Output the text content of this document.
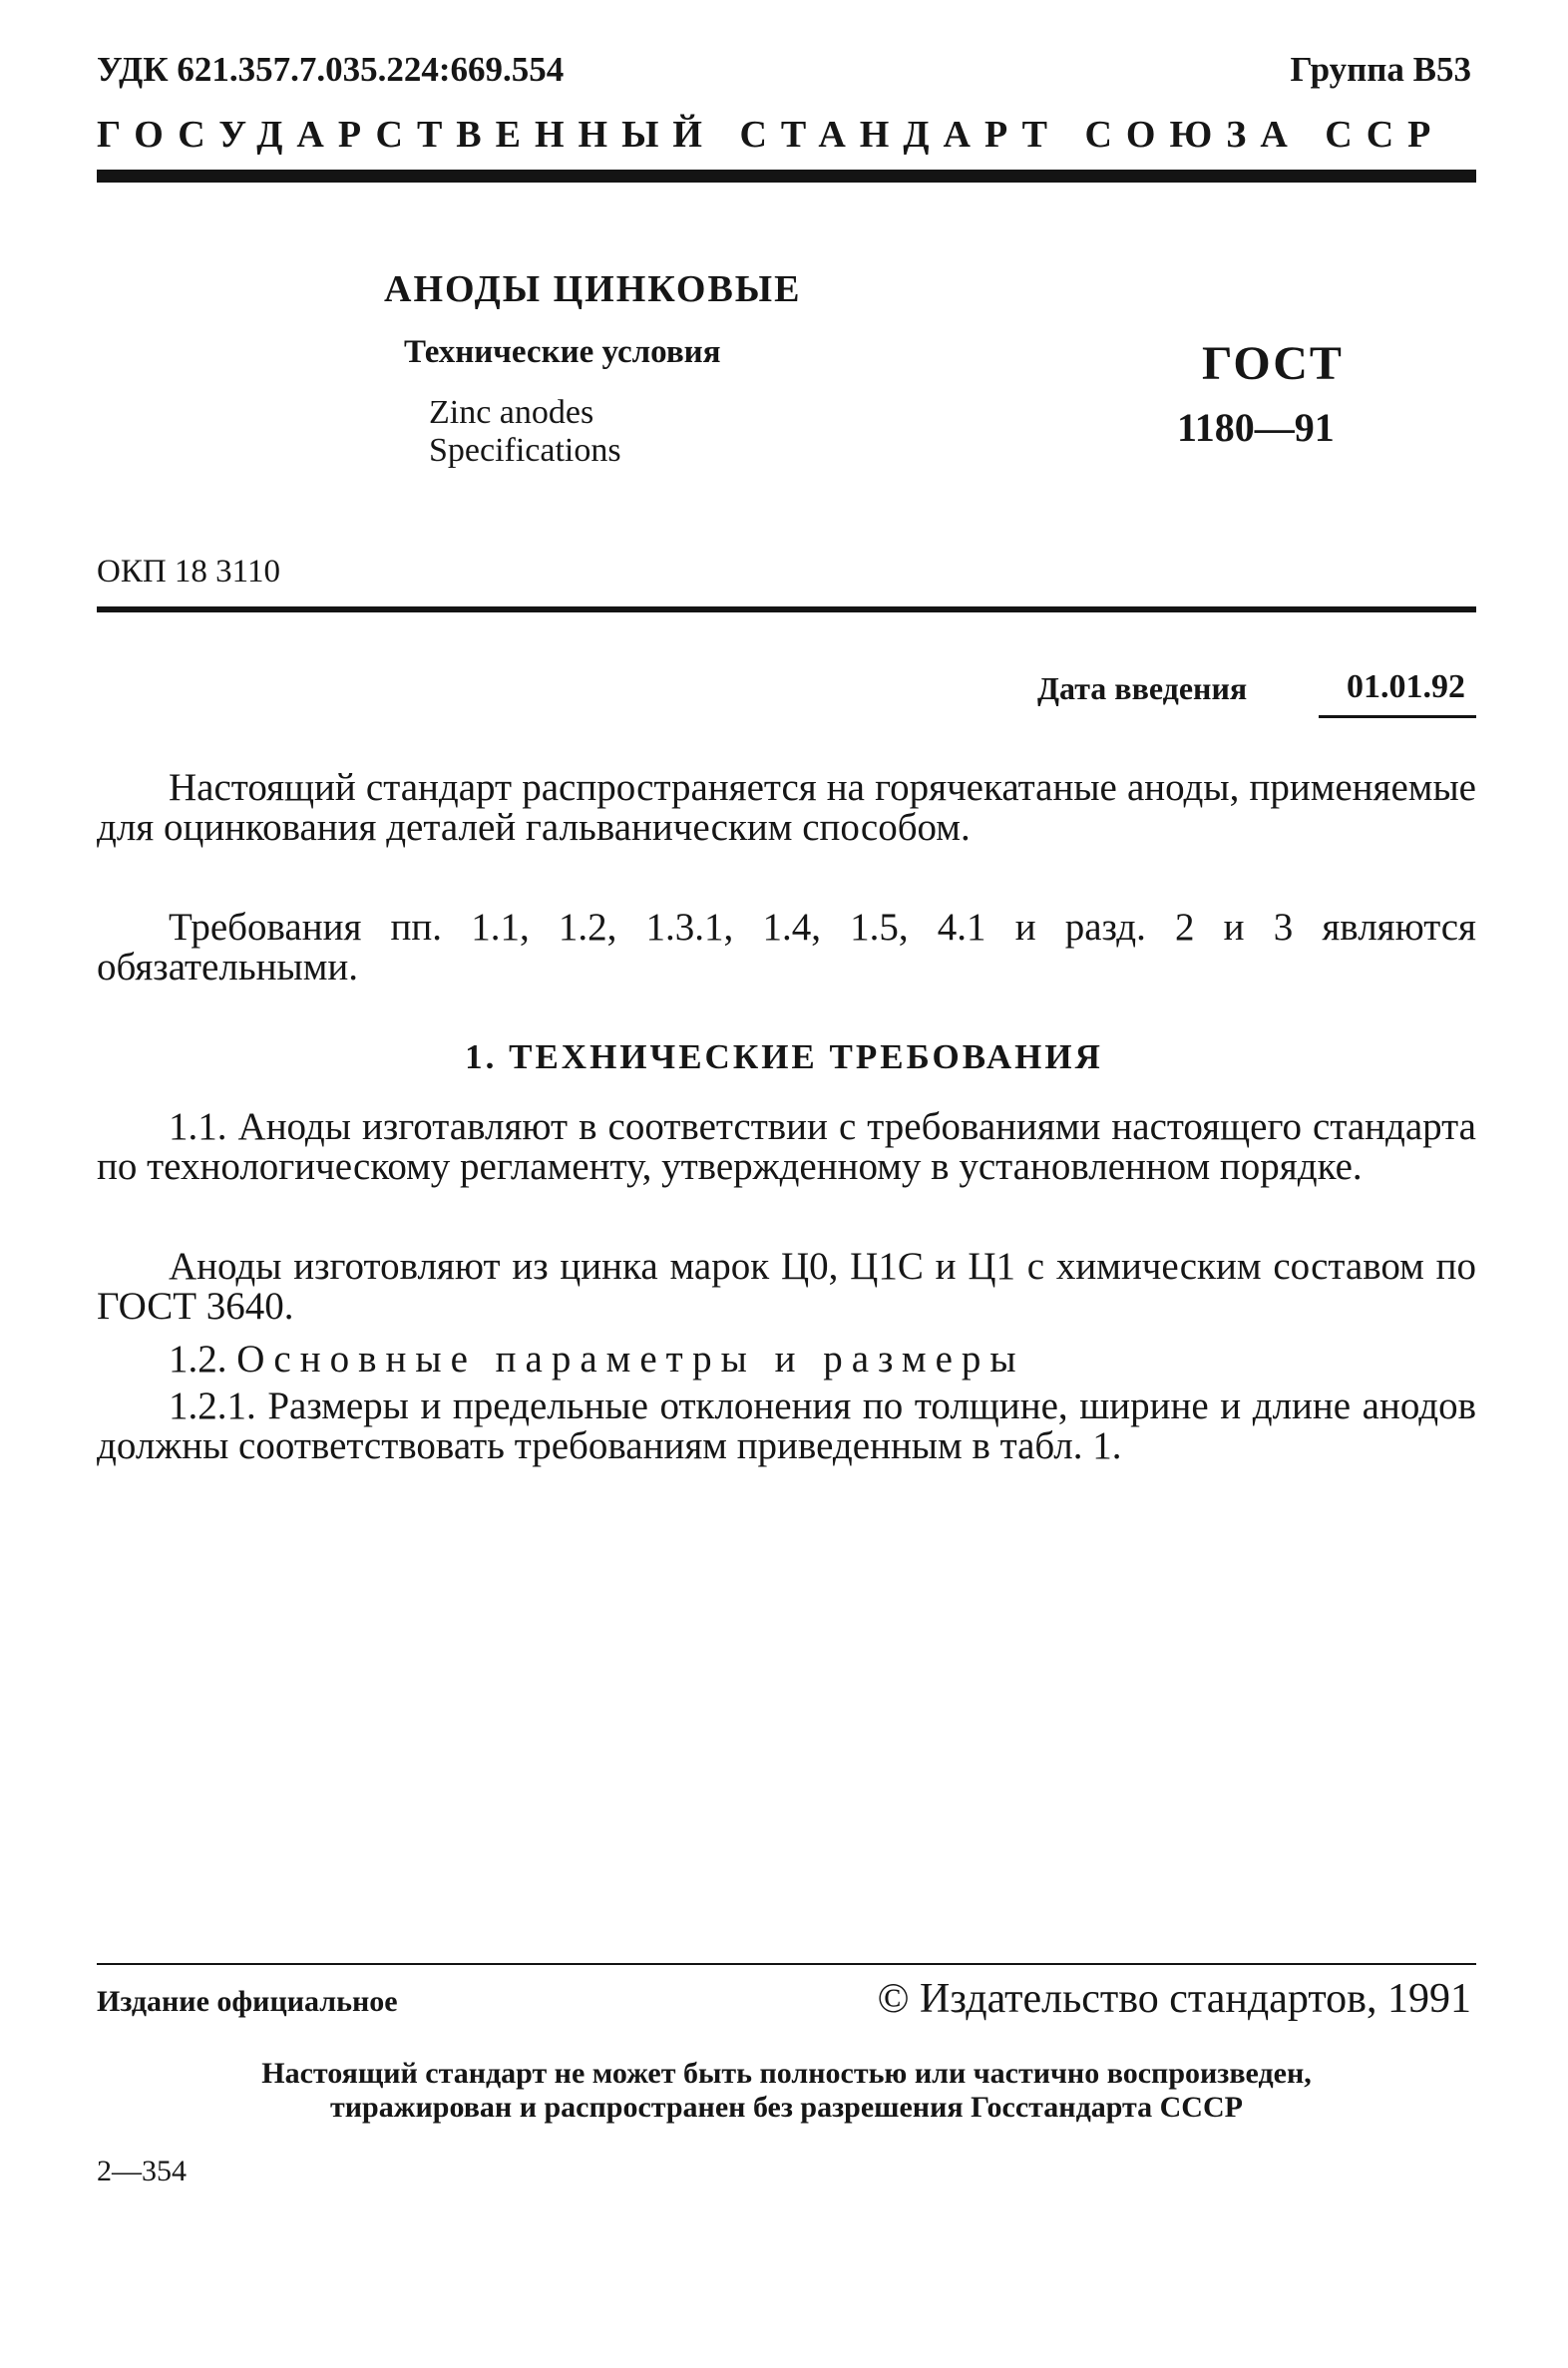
УДК 621.357.7.035.224:669.554	Группа В53
ГОСУДАРСТВЕННЫЙ СТАНДАРТ СОЮЗА ССР
АНОДЫ ЦИНКОВЫЕ
Технические условия
Zinc anodes
Specifications
ГОСТ
1180—91
ОКП 18 3110
Дата введения	01.01.92

Настоящий стандарт распространяется на горячекатаные аноды, применяемые для оцинкования деталей гальваническим способом.

Требования пп. 1.1, 1.2, 1.3.1, 1.4, 1.5, 4.1 и разд. 2 и 3 являются обязательными.

1. ТЕХНИЧЕСКИЕ ТРЕБОВАНИЯ

1.1. Аноды изготавляют в соответствии с требованиями настоящего стандарта по технологическому регламенту, утвержденному в установленном порядке.

Аноды изготовляют из цинка марок Ц0, Ц1С и Ц1 с химическим составом по ГОСТ 3640.

1.2. Основные параметры и размеры

1.2.1. Размеры и предельные отклонения по толщине, ширине и длине анодов должны соответствовать требованиям приведенным в табл. 1.

Издание официальное	© Издательство стандартов, 1991
Настоящий стандарт не может быть полностью или частично воспроизведен,
тиражирован и распространен без разрешения Госстандарта СССР
2—354
